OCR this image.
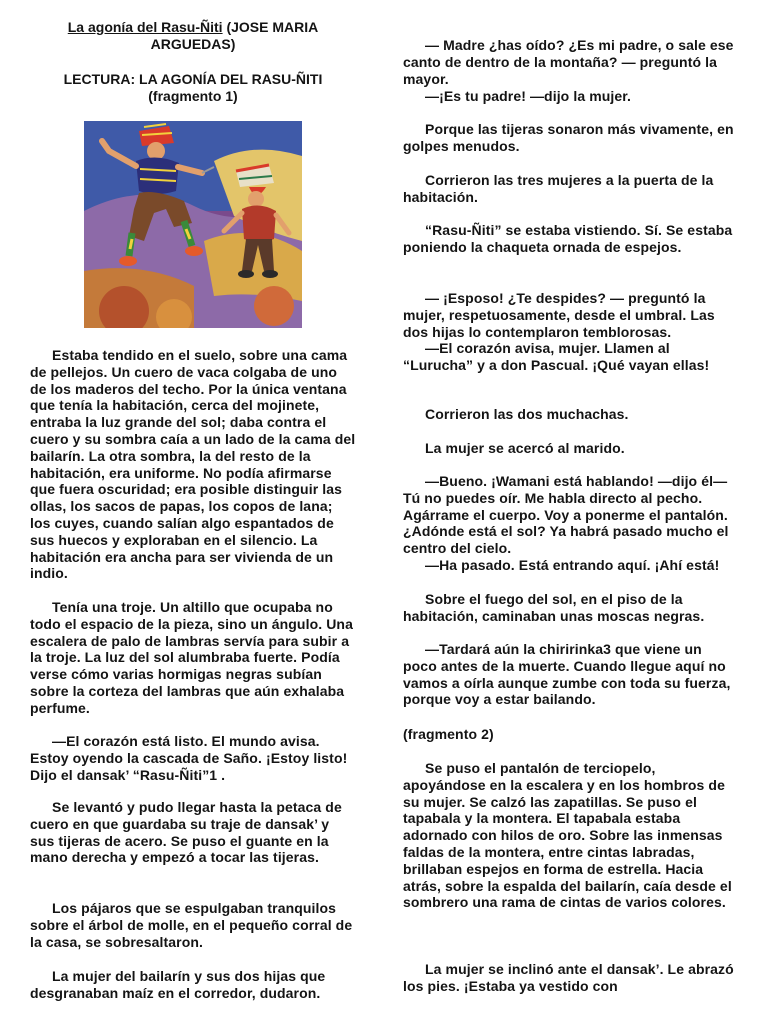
La agonía del Rasu-Ñiti (JOSE MARIA ARGUEDAS)

LECTURA: LA AGONÍA DEL RASU-ÑITI

(fragmento 1)

Estaba tendido en el suelo, sobre una cama de pellejos. Un cuero de vaca colgaba de uno de los maderos del techo. Por la única ventana que tenía la habitación, cerca del mojinete, entraba la luz grande del sol; daba contra el cuero y su sombra caía a un lado de la cama del bailarín. La otra sombra, la del resto de la habitación, era uniforme. No podía afirmarse que fuera oscuridad; era posible distinguir las ollas, los sacos de papas, los copos de lana; los cuyes, cuando salían algo espantados de sus huecos y exploraban en el silencio. La habitación era ancha para ser vivienda de un indio.

Tenía una troje. Un altillo que ocupaba no todo el espacio de la pieza, sino un ángulo. Una escalera de palo de lambras servía para subir a la troje. La luz del sol alumbraba fuerte. Podía verse cómo varias hormigas negras subían sobre la corteza del lambras que aún exhalaba perfume.

—El corazón está listo. El mundo avisa. Estoy oyendo la cascada de Saño. ¡Estoy listo! Dijo el dansak’ “Rasu-Ñiti”1 .

Se levantó y pudo llegar hasta la petaca de cuero en que guardaba su traje de dansak’ y sus tijeras de acero. Se puso el guante en la mano derecha y empezó a tocar las tijeras.

Los pájaros que se espulgaban tranquilos sobre el árbol de molle, en el pequeño corral de la casa, se sobresaltaron.

La mujer del bailarín y sus dos hijas que desgranaban maíz en el corredor, dudaron.

— Madre ¿has oído? ¿Es mi padre, o sale ese canto de dentro de la montaña? — preguntó la mayor.

—¡Es tu padre! —dijo la mujer.

Porque las tijeras sonaron más vivamente, en golpes menudos.

Corrieron las tres mujeres a la puerta de la habitación.

“Rasu-Ñiti” se estaba vistiendo. Sí. Se estaba poniendo la chaqueta ornada de espejos.

— ¡Esposo! ¿Te despides? — preguntó la mujer, respetuosamente, desde el umbral. Las dos hijas lo contemplaron temblorosas.

—El corazón avisa, mujer. Llamen al “Lurucha” y a don Pascual. ¡Qué vayan ellas!

Corrieron las dos muchachas.

La mujer se acercó al marido.

—Bueno. ¡Wamani está hablando! —dijo él— Tú no puedes oír. Me habla directo al pecho. Agárrame el cuerpo. Voy a ponerme el pantalón. ¿Adónde está el sol? Ya habrá pasado mucho el centro del cielo.

—Ha pasado. Está entrando aquí. ¡Ahí está!

Sobre el fuego del sol, en el piso de la habitación, caminaban unas moscas negras.

—Tardará aún la chiririnka3 que viene un poco antes de la muerte. Cuando llegue aquí no vamos a oírla aunque zumbe con toda su fuerza, porque voy a estar bailando.

(fragmento 2)

Se puso el pantalón de terciopelo, apoyándose en la escalera y en los hombros de su mujer. Se calzó las zapatillas. Se puso el tapabala y la montera. El tapabala estaba adornado con hilos de oro. Sobre las inmensas faldas de la montera, entre cintas labradas, brillaban espejos en forma de estrella. Hacia atrás, sobre la espalda del bailarín, caía desde el sombrero una rama de cintas de varios colores.

La mujer se inclinó ante el dansak’. Le abrazó los pies. ¡Estaba ya vestido con
